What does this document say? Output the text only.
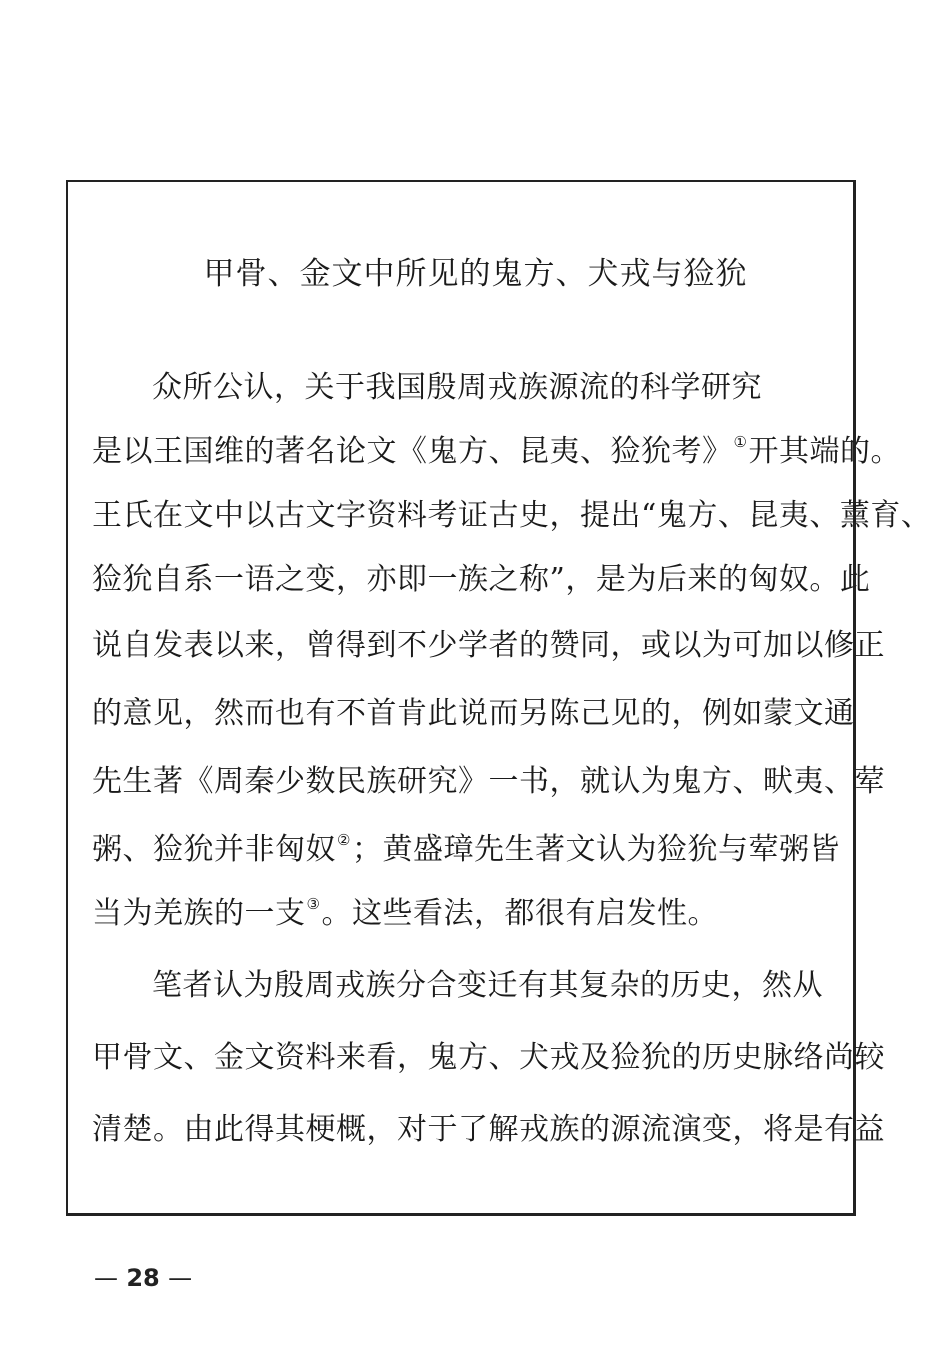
甲骨、金文中所见的鬼方、犬戎与猃狁
众所公认，关于我国殷周戎族源流的科学研究
是以王国维的著名论文《鬼方、昆夷、猃狁考》①开其端的。
王氏在文中以古文字资料考证古史，提出“鬼方、昆夷、薰育、
猃狁自系一语之变，亦即一族之称”，是为后来的匈奴。此
说自发表以来，曾得到不少学者的赞同，或以为可加以修正
的意见，然而也有不首肯此说而另陈己见的，例如蒙文通
先生著《周秦少数民族研究》一书，就认为鬼方、畎夷、荤
粥、猃狁并非匈奴②；黄盛璋先生著文认为猃狁与荤粥皆
当为羌族的一支③。这些看法，都很有启发性。
笔者认为殷周戎族分合变迁有其复杂的历史，然从
甲骨文、金文资料来看，鬼方、犬戎及猃狁的历史脉络尚较
清楚。由此得其梗概，对于了解戎族的源流演变，将是有益
— 28 —
